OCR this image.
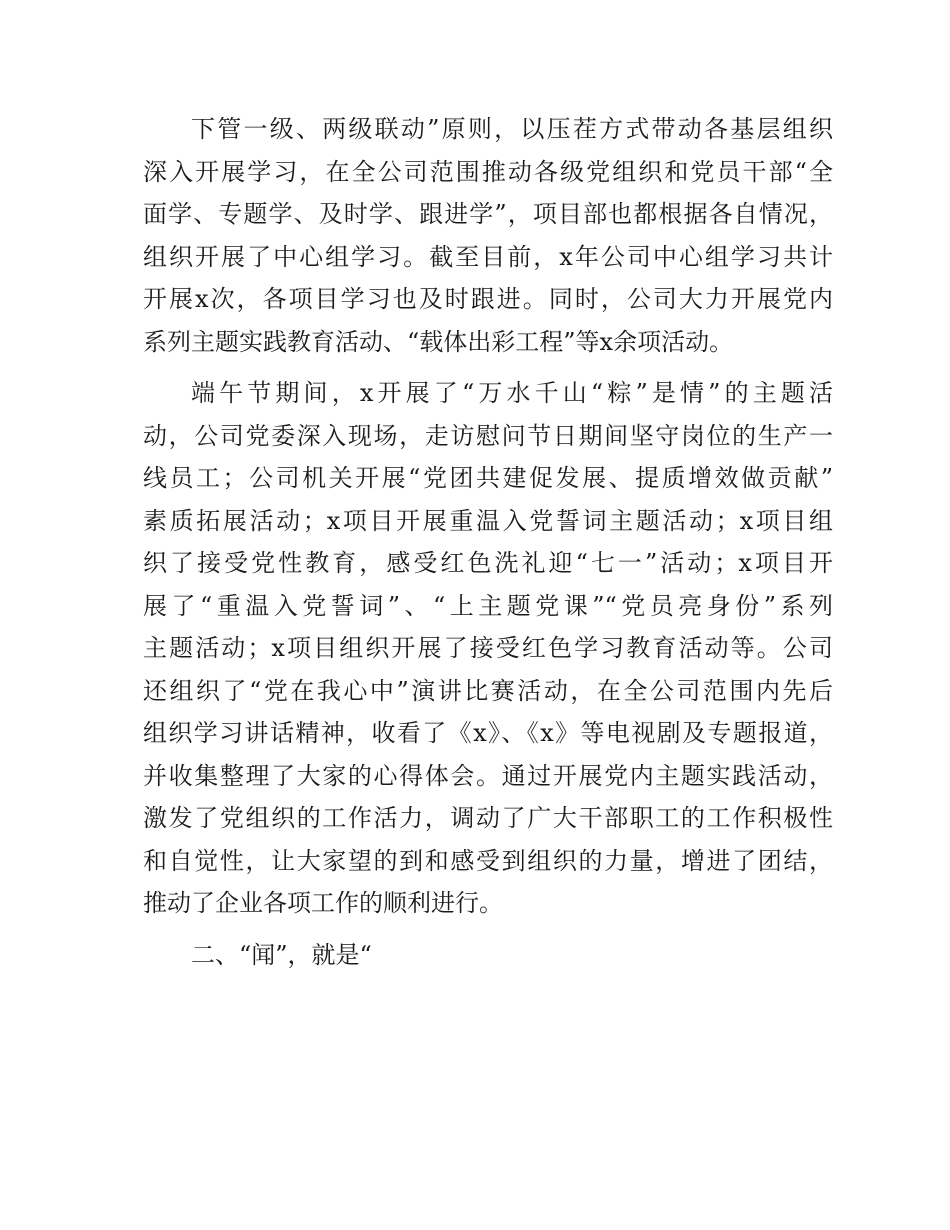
下管一级、两级联动”原则，以压茬方式带动各基层组织
深入开展学习，在全公司范围推动各级党组织和党员干部“全
面学、专题学、及时学、跟进学”，项目部也都根据各自情况，
组织开展了中心组学习。截至目前，x年公司中心组学习共计
开展x次，各项目学习也及时跟进。同时，公司大力开展党内
系列主题实践教育活动、“载体出彩工程”等x余项活动。
端午节期间，x开展了“万水千山“粽”是情”的主题活
动，公司党委深入现场，走访慰问节日期间坚守岗位的生产一
线员工；公司机关开展“党团共建促发展、提质增效做贡献”
素质拓展活动；x项目开展重温入党誓词主题活动；x项目组
织了接受党性教育，感受红色洗礼迎“七一”活动；x项目开
展了“重温入党誓词”、“上主题党课”“党员亮身份”系列
主题活动；x项目组织开展了接受红色学习教育活动等。公司
还组织了“党在我心中”演讲比赛活动，在全公司范围内先后
组织学习讲话精神，收看了《x》、《x》等电视剧及专题报道，
并收集整理了大家的心得体会。通过开展党内主题实践活动，
激发了党组织的工作活力，调动了广大干部职工的工作积极性
和自觉性，让大家望的到和感受到组织的力量，增进了团结，
推动了企业各项工作的顺利进行。
二、“闻”，就是“
